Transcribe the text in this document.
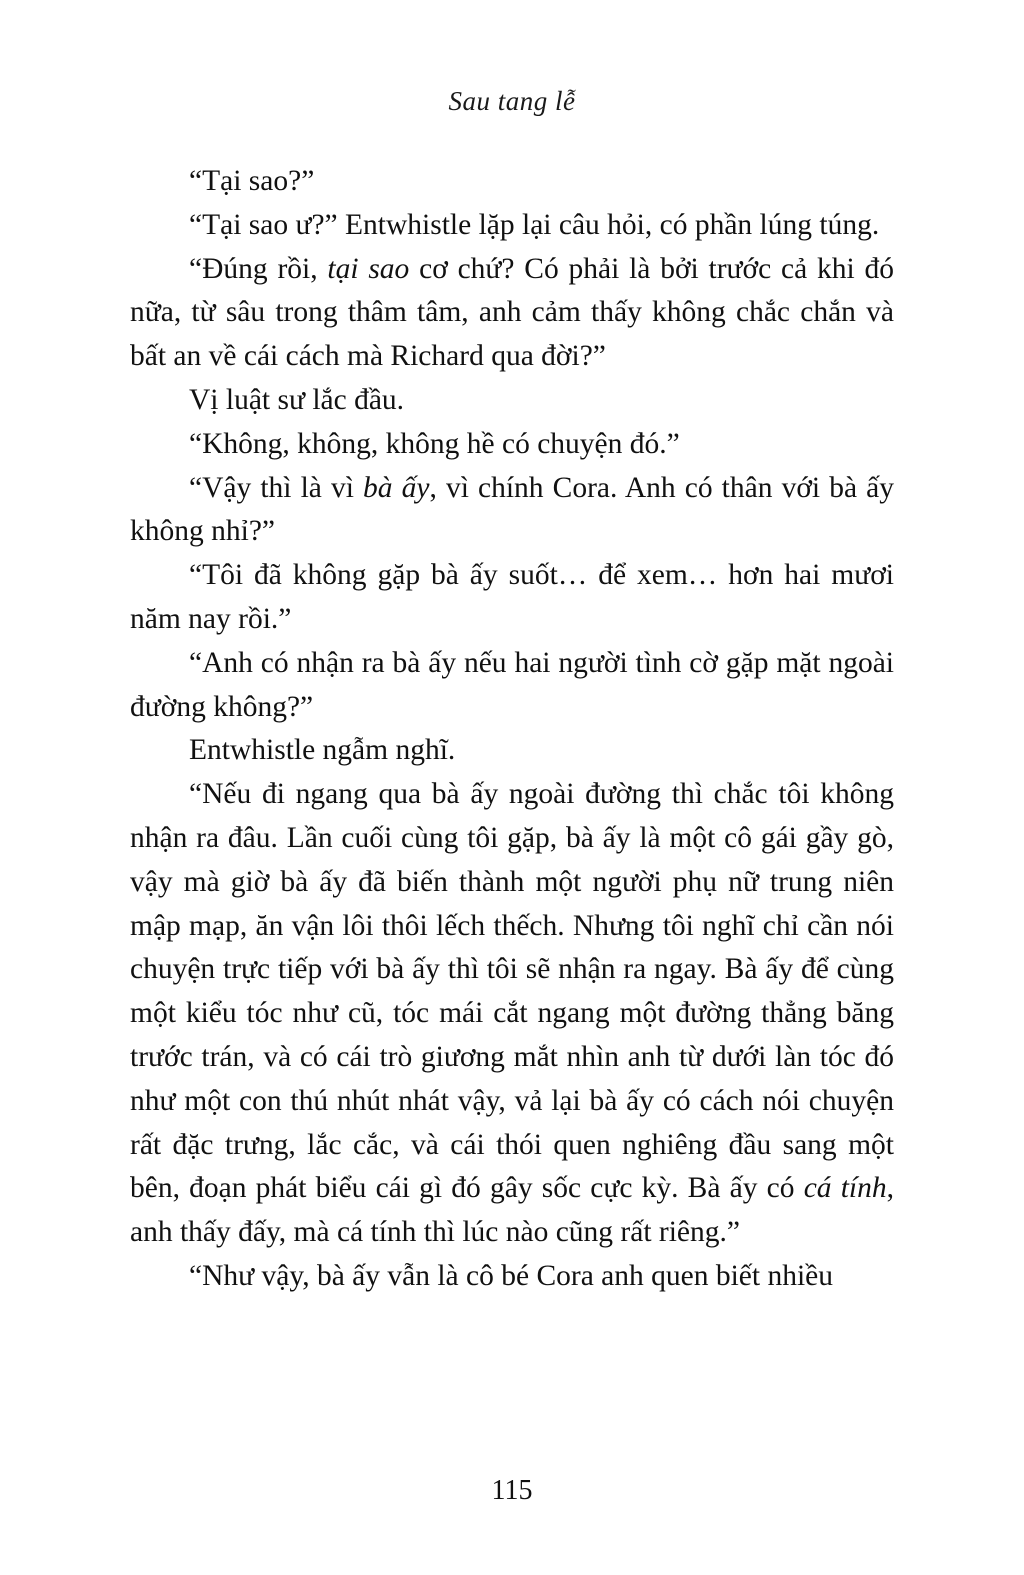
Sau tang lễ

“Tại sao?”

“Tại sao ư?” Entwhistle lặp lại câu hỏi, có phần lúng túng.

“Đúng rồi, tại sao cơ chứ? Có phải là bởi trước cả khi đó nữa, từ sâu trong thâm tâm, anh cảm thấy không chắc chắn và bất an về cái cách mà Richard qua đời?”

Vị luật sư lắc đầu.

“Không, không, không hề có chuyện đó.”

“Vậy thì là vì bà ấy, vì chính Cora. Anh có thân với bà ấy không nhỉ?”

“Tôi đã không gặp bà ấy suốt… để xem… hơn hai mươi năm nay rồi.”

“Anh có nhận ra bà ấy nếu hai người tình cờ gặp mặt ngoài đường không?”

Entwhistle ngẫm nghĩ.

“Nếu đi ngang qua bà ấy ngoài đường thì chắc tôi không nhận ra đâu. Lần cuối cùng tôi gặp, bà ấy là một cô gái gầy gò, vậy mà giờ bà ấy đã biến thành một người phụ nữ trung niên mập mạp, ăn vận lôi thôi lếch thếch. Nhưng tôi nghĩ chỉ cần nói chuyện trực tiếp với bà ấy thì tôi sẽ nhận ra ngay. Bà ấy để cùng một kiểu tóc như cũ, tóc mái cắt ngang một đường thẳng băng trước trán, và có cái trò giương mắt nhìn anh từ dưới làn tóc đó như một con thú nhút nhát vậy, vả lại bà ấy có cách nói chuyện rất đặc trưng, lắc cắc, và cái thói quen nghiêng đầu sang một bên, đoạn phát biểu cái gì đó gây sốc cực kỳ. Bà ấy có cá tính, anh thấy đấy, mà cá tính thì lúc nào cũng rất riêng.”

“Như vậy, bà ấy vẫn là cô bé Cora anh quen biết nhiều

115
